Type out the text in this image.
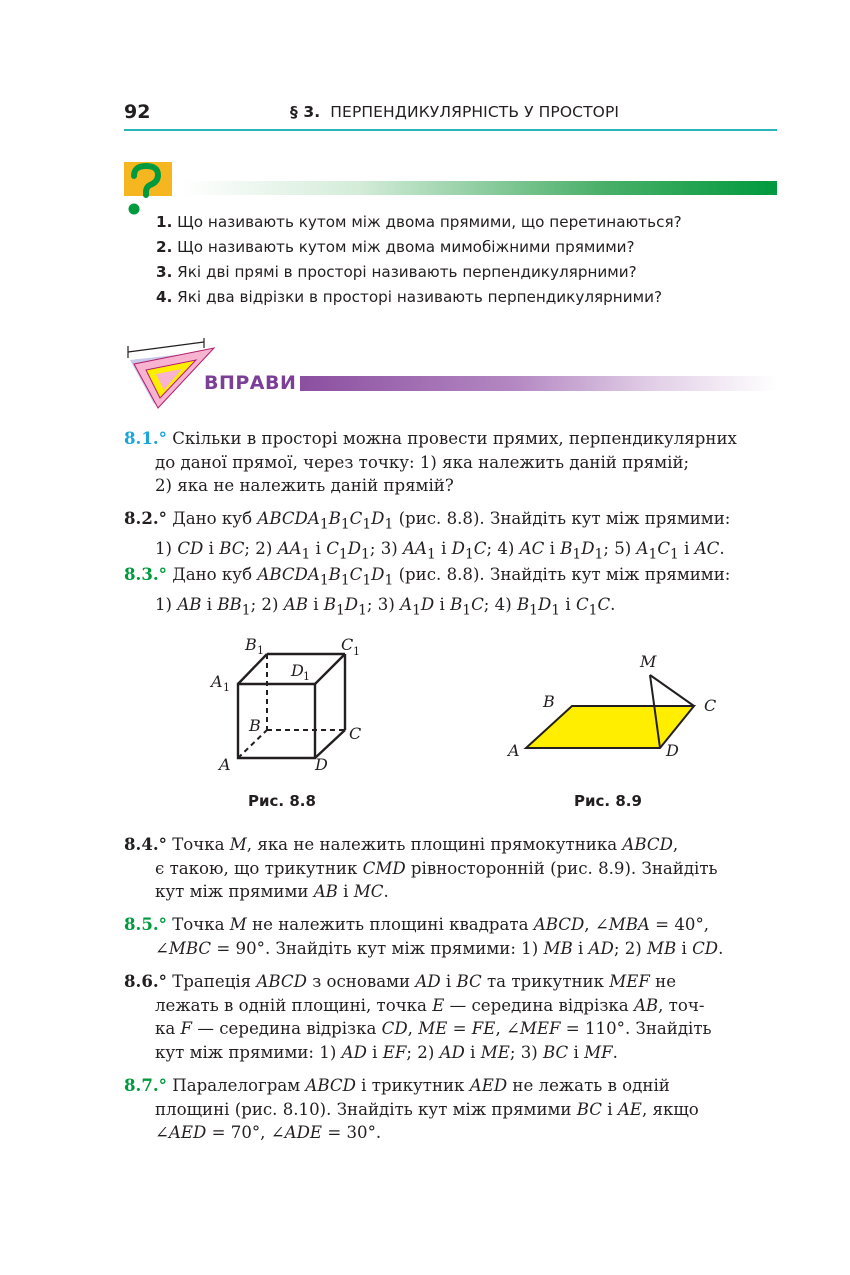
92	§ 3. ПЕРПЕНДИКУЛЯРНІСТЬ У ПРОСТОРІ
1. Що називають кутом між двома прямими, що перетинаються?
2. Що називають кутом між двома мимобіжними прямими?
3. Які дві прямі в просторі називають перпендикулярними?
4. Які два відрізки в просторі називають перпендикулярними?
ВПРАВИ
8.1.° Скільки в просторі можна провести прямих, перпендикулярних
до даної прямої, через точку: 1) яка належить даній прямій;
2) яка не належить даній прямій?
8.2.° Дано куб $ABCDA_1B_1C_1D_1$ (рис. 8.8). Знайдіть кут між прямими:
1) CD і BC; 2) $AA_1$ і $C_1D_1$; 3) $AA_1$ і $D_1C$; 4) AC і $B_1D_1$; 5) $A_1C_1$ і AC.
8.3.° Дано куб $ABCDA_1B_1C_1D_1$ (рис. 8.8). Знайдіть кут між прямими:
1) AB і $BB_1$; 2) AB і $B_1D_1$; 3) $A_1D$ і $B_1C$; 4) $B_1D_1$ і $C_1C$.
B 1	C 1
D 1
A 1
B	C
A	D
Рис. 8.8
M
B	C
A	D
Рис. 8.9
8.4.° Точка M, яка не належить площині прямокутника ABCD,
є такою, що трикутник CMD рівносторонній (рис. 8.9). Знайдіть
кут між прямими AB і MC.
8.5.° Точка M не належить площині квадрата ABCD, ∠MBA = 40°,
∠MBC = 90°. Знайдіть кут між прямими: 1) MB і AD; 2) MB і CD.
8.6.° Трапеція ABCD з основами AD і BC та трикутник MEF не
лежать в одній площині, точка E — середина відрізка AB, точ-
ка F — середина відрізка CD, ME = FE, ∠MEF = 110°. Знайдіть
кут між прямими: 1) AD і EF; 2) AD і ME; 3) BC і MF.
8.7.° Паралелограм ABCD і трикутник AED не лежать в одній
площині (рис. 8.10). Знайдіть кут між прямими BC і AE, якщо
∠AED = 70°, ∠ADE = 30°.
